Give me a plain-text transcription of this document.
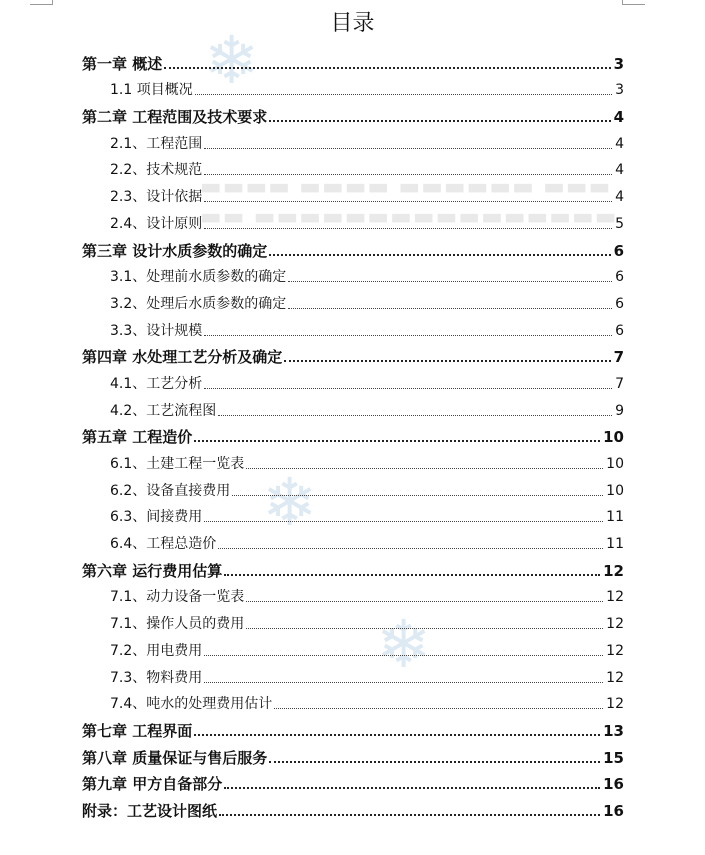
❄
❄
❄
▬▬▬▬ ▬▬▬▬ ▬▬▬▬▬▬ ▬▬▬
▬▬ ▬▬▬▬▬▬▬▬▬▬▬▬▬▬▬▬
目录
第一章 概述	3
1.1 项目概况	3
第二章 工程范围及技术要求	4
2.1、工程范围	4
2.2、技术规范	4
2.3、设计依据	4
2.4、设计原则	5
第三章 设计水质参数的确定	6
3.1、处理前水质参数的确定	6
3.2、处理后水质参数的确定	6
3.3、设计规模	6
第四章 水处理工艺分析及确定	7
4.1、工艺分析	7
4.2、工艺流程图	9
第五章 工程造价	10
6.1、土建工程一览表	10
6.2、设备直接费用	10
6.3、间接费用	11
6.4、工程总造价	11
第六章 运行费用估算	12
7.1、动力设备一览表	12
7.1、操作人员的费用	12
7.2、用电费用	12
7.3、物料费用	12
7.4、吨水的处理费用估计	12
第七章 工程界面	13
第八章 质量保证与售后服务	15
第九章 甲方自备部分	16
附录：工艺设计图纸	16
